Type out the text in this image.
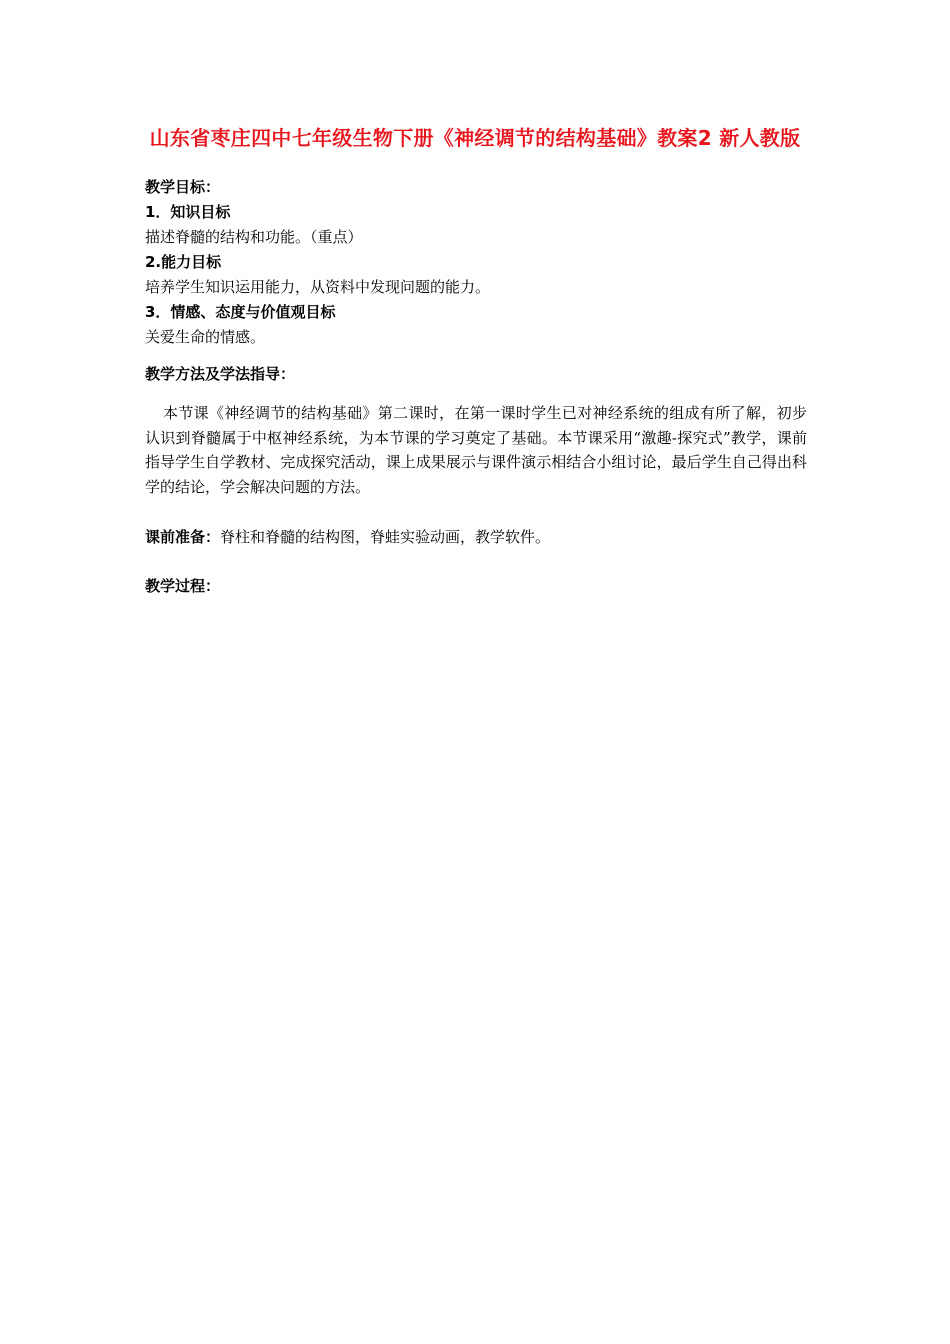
山东省枣庄四中七年级生物下册《神经调节的结构基础》教案2 新人教版
教学目标：
1．知识目标
描述脊髓的结构和功能。（重点）
2.能力目标
培养学生知识运用能力，从资料中发现问题的能力。
3．情感、态度与价值观目标
关爱生命的情感。
教学方法及学法指导：
本节课《神经调节的结构基础》第二课时，在第一课时学生已对神经系统的组成有所了解，初步认识到脊髓属于中枢神经系统，为本节课的学习奠定了基础。本节课采用“激趣-探究式”教学，课前指导学生自学教材、完成探究活动，课上成果展示与课件演示相结合小组讨论，最后学生自己得出科学的结论，学会解决问题的方法。
课前准备：脊柱和脊髓的结构图，脊蛙实验动画，教学软件。
教学过程：
